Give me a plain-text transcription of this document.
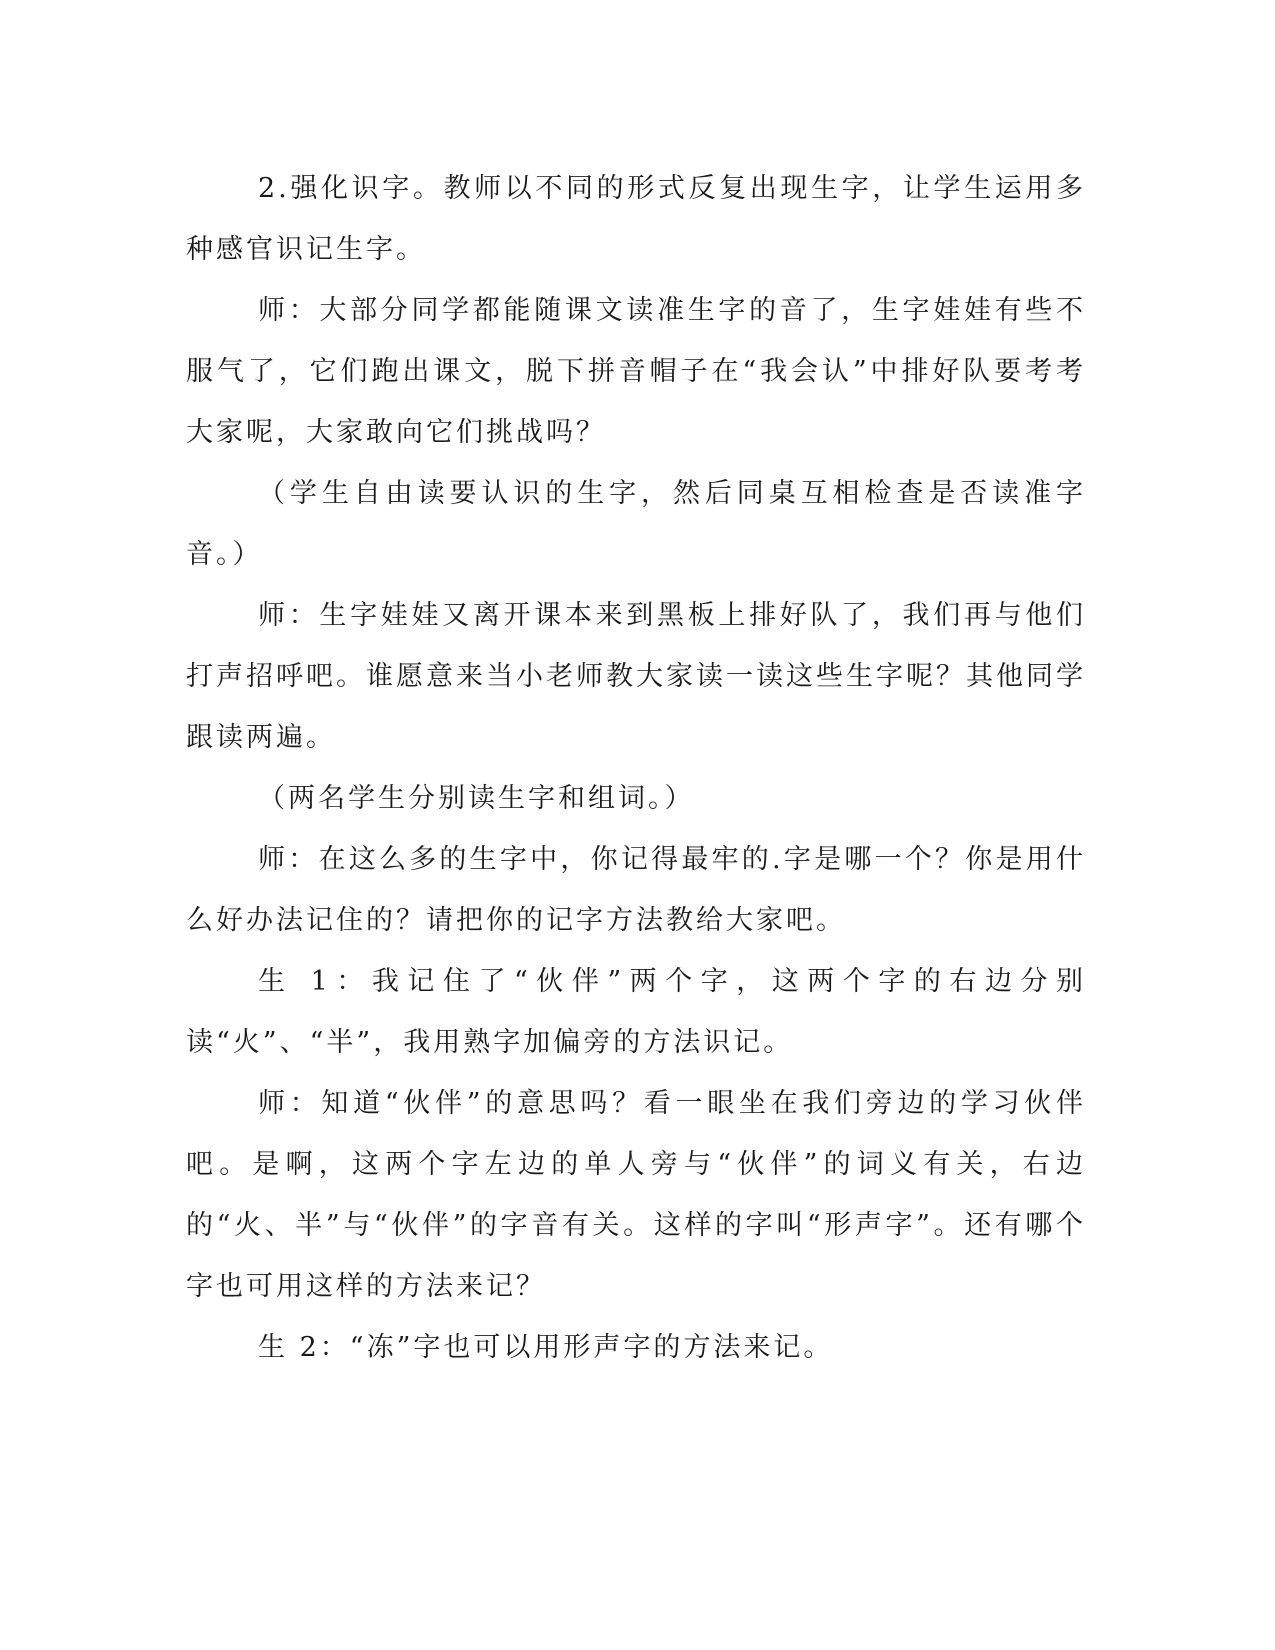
2.强化识字。教师以不同的形式反复出现生字，让学生运用多种感官识记生字。

师：大部分同学都能随课文读准生字的音了，生字娃娃有些不服气了，它们跑出课文，脱下拼音帽子在“我会认”中排好队要考考大家呢，大家敢向它们挑战吗？

（学生自由读要认识的生字，然后同桌互相检查是否读准字音。）

师：生字娃娃又离开课本来到黑板上排好队了，我们再与他们打声招呼吧。谁愿意来当小老师教大家读一读这些生字呢？其他同学跟读两遍。

（两名学生分别读生字和组词。）

师：在这么多的生字中，你记得最牢的.字是哪一个？你是用什么好办法记住的？请把你的记字方法教给大家吧。

生 1：我记住了“伙伴”两个字，这两个字的右边分别读“火”、“半”，我用熟字加偏旁的方法识记。

师：知道“伙伴”的意思吗？看一眼坐在我们旁边的学习伙伴吧。是啊，这两个字左边的单人旁与“伙伴”的词义有关，右边的“火、半”与“伙伴”的字音有关。这样的字叫“形声字”。还有哪个字也可用这样的方法来记？

生 2：“冻”字也可以用形声字的方法来记。
